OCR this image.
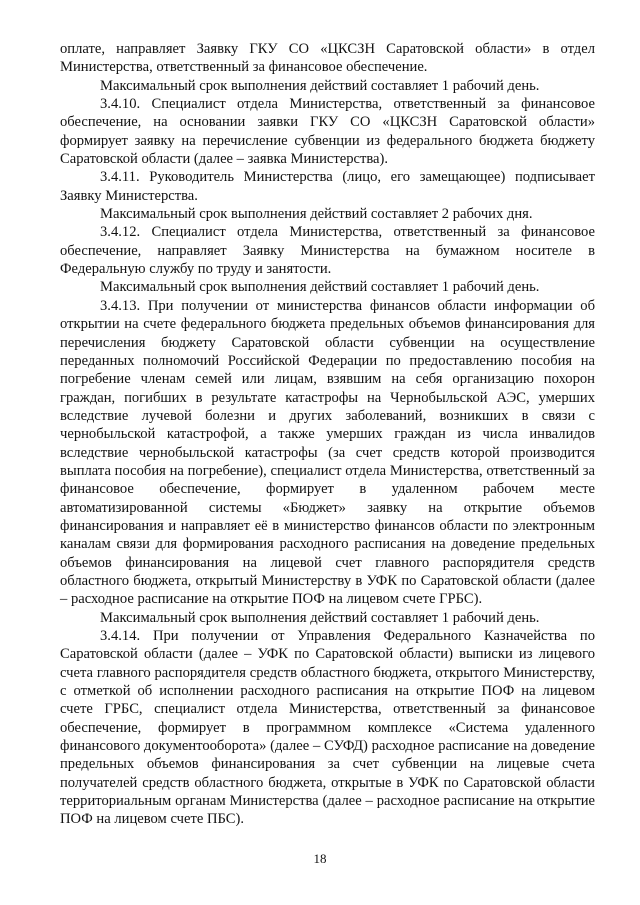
оплате, направляет Заявку ГКУ СО «ЦКСЗН Саратовской области» в отдел Министерства, ответственный за финансовое обеспечение.

Максимальный срок выполнения действий составляет 1 рабочий день.

3.4.10. Специалист отдела Министерства, ответственный за финансовое обеспечение, на основании заявки ГКУ СО «ЦКСЗН Саратовской области» формирует заявку на перечисление субвенции из федерального бюджета бюджету Саратовской области (далее – заявка Министерства).

3.4.11. Руководитель Министерства (лицо, его замещающее) подписывает Заявку Министерства.

Максимальный срок выполнения действий составляет 2 рабочих дня.

3.4.12. Специалист отдела Министерства, ответственный за финансовое обеспечение, направляет Заявку Министерства на бумажном носителе в Федеральную службу по труду и занятости.

Максимальный срок выполнения действий составляет 1 рабочий день.

3.4.13. При получении от министерства финансов области информации об открытии на счете федерального бюджета предельных объемов финансирования для перечисления бюджету Саратовской области субвенции на осуществление переданных полномочий Российской Федерации по предоставлению пособия на погребение членам семей или лицам, взявшим на себя организацию похорон граждан, погибших в результате катастрофы на Чернобыльской АЭС, умерших вследствие лучевой болезни и других заболеваний, возникших в связи с чернобыльской катастрофой, а также умерших граждан из числа инвалидов вследствие чернобыльской катастрофы (за счет средств которой производится выплата пособия на погребение), специалист отдела Министерства, ответственный за финансовое обеспечение, формирует в удаленном рабочем месте автоматизированной системы «Бюджет» заявку на открытие объемов финансирования и направляет её в министерство финансов области по электронным каналам связи для формирования расходного расписания на доведение предельных объемов финансирования на лицевой счет главного распорядителя средств областного бюджета, открытый Министерству в УФК по Саратовской области (далее – расходное расписание на открытие ПОФ на лицевом счете ГРБС).

Максимальный срок выполнения действий составляет 1 рабочий день.

3.4.14. При получении от Управления Федерального Казначейства по Саратовской области (далее – УФК по Саратовской области) выписки из лицевого счета главного распорядителя средств областного бюджета, открытого Министерству, с отметкой об исполнении расходного расписания на открытие ПОФ на лицевом счете ГРБС, специалист отдела Министерства, ответственный за финансовое обеспечение, формирует в программном комплексе «Система удаленного финансового документооборота» (далее – СУФД) расходное расписание на доведение предельных объемов финансирования за счет субвенции на лицевые счета получателей средств областного бюджета, открытые в УФК по Саратовской области территориальным органам Министерства (далее – расходное расписание на открытие ПОФ на лицевом счете ПБС).

18
